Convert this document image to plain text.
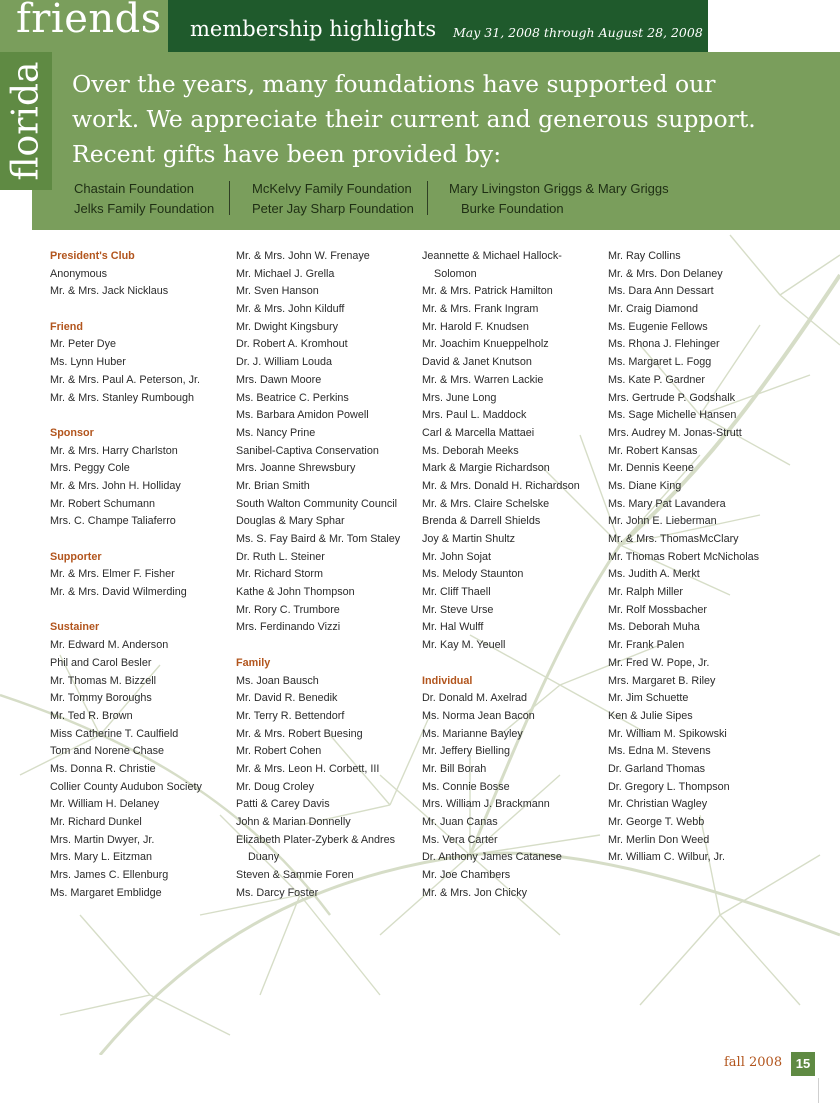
friends membership highlights May 31, 2008 through August 28, 2008
florida Over the years, many foundations have supported our
work. We appreciate their current and generous support.
Recent gifts have been provided by:
Chastain Foundation
Jelks Family Foundation
McKelvy Family Foundation
Peter Jay Sharp Foundation
Mary Livingston Griggs & Mary Griggs
Burke Foundation
President's Club
Anonymous
Mr. & Mrs. Jack Nicklaus
Friend
Mr. Peter Dye
Ms. Lynn Huber
Mr. & Mrs. Paul A. Peterson, Jr.
Mr. & Mrs. Stanley Rumbough
Sponsor
Mr. & Mrs. Harry Charlston
Mrs. Peggy Cole
Mr. & Mrs. John H. Holliday
Mr. Robert Schumann
Mrs. C. Champe Taliaferro
Supporter
Mr. & Mrs. Elmer F. Fisher
Mr. & Mrs. David Wilmerding
Sustainer
Mr. Edward M. Anderson
Phil and Carol Besler
Mr. Thomas M. Bizzell
Mr. Tommy Boroughs
Mr. Ted R. Brown
Miss Catherine T. Caulfield
Tom and Norene Chase
Ms. Donna R. Christie
Collier County Audubon Society
Mr. William H. Delaney
Mr. Richard Dunkel
Mrs. Martin Dwyer, Jr.
Mrs. Mary L. Eitzman
Mrs. James C. Ellenburg
Ms. Margaret Emblidge
Mr. & Mrs. John W. Frenaye
Mr. Michael J. Grella
Mr. Sven Hanson
Mr. & Mrs. John Kilduff
Mr. Dwight Kingsbury
Dr. Robert A. Kromhout
Dr. J. William Louda
Mrs. Dawn Moore
Ms. Beatrice C. Perkins
Ms. Barbara Amidon Powell
Ms. Nancy Prine
Sanibel-Captiva Conservation
Mrs. Joanne Shrewsbury
Mr. Brian Smith
South Walton Community Council
Douglas & Mary Sphar
Ms. S. Fay Baird & Mr. Tom Staley
Dr. Ruth L. Steiner
Mr. Richard Storm
Kathe & John Thompson
Mr. Rory C. Trumbore
Mrs. Ferdinando Vizzi
Family
Ms. Joan Bausch
Mr. David R. Benedik
Mr. Terry R. Bettendorf
Mr. & Mrs. Robert Buesing
Mr. Robert Cohen
Mr. & Mrs. Leon H. Corbett, III
Mr. Doug Croley
Patti & Carey Davis
John & Marian Donnelly
Elizabeth Plater-Zyberk & Andres
Duany
Steven & Sammie Foren
Ms. Darcy Foster
Jeannette & Michael Hallock-
Solomon
Mr. & Mrs. Patrick Hamilton
Mr. & Mrs. Frank Ingram
Mr. Harold F. Knudsen
Mr. Joachim Knueppelholz
David & Janet Knutson
Mr. & Mrs. Warren Lackie
Mrs. June Long
Mrs. Paul L. Maddock
Carl & Marcella Mattaei
Ms. Deborah Meeks
Mark & Margie Richardson
Mr. & Mrs. Donald H. Richardson
Mr. & Mrs. Claire Schelske
Brenda & Darrell Shields
Joy & Martin Shultz
Mr. John Sojat
Ms. Melody Staunton
Mr. Cliff Thaell
Mr. Steve Urse
Mr. Hal Wulff
Mr. Kay M. Yeuell
Individual
Dr. Donald M. Axelrad
Ms. Norma Jean Bacon
Ms. Marianne Bayley
Mr. Jeffery Bielling
Mr. Bill Borah
Ms. Connie Bosse
Mrs. William J. Brackmann
Mr. Juan Canas
Ms. Vera Carter
Dr. Anthony James Catanese
Mr. Joe Chambers
Mr. & Mrs. Jon Chicky
Mr. Ray Collins
Mr. & Mrs. Don Delaney
Ms. Dara Ann Dessart
Mr. Craig Diamond
Ms. Eugenie Fellows
Ms. Rhona J. Flehinger
Ms. Margaret L. Fogg
Ms. Kate P. Gardner
Mrs. Gertrude P. Godshalk
Ms. Sage Michelle Hansen
Mrs. Audrey M. Jonas-Strutt
Mr. Robert Kansas
Mr. Dennis Keene
Ms. Diane King
Ms. Mary Pat Lavandera
Mr. John E. Lieberman
Mr. & Mrs. ThomasMcClary
Mr. Thomas Robert McNicholas
Ms. Judith A. Merkt
Mr. Ralph Miller
Mr. Rolf Mossbacher
Ms. Deborah Muha
Mr. Frank Palen
Mr. Fred W. Pope, Jr.
Mrs. Margaret B. Riley
Mr. Jim Schuette
Ken & Julie Sipes
Mr. William M. Spikowski
Ms. Edna M. Stevens
Dr. Garland Thomas
Dr. Gregory L. Thompson
Mr. Christian Wagley
Mr. George T. Webb
Mr. Merlin Don Weed
Mr. William C. Wilbur, Jr.
fall 2008	15
